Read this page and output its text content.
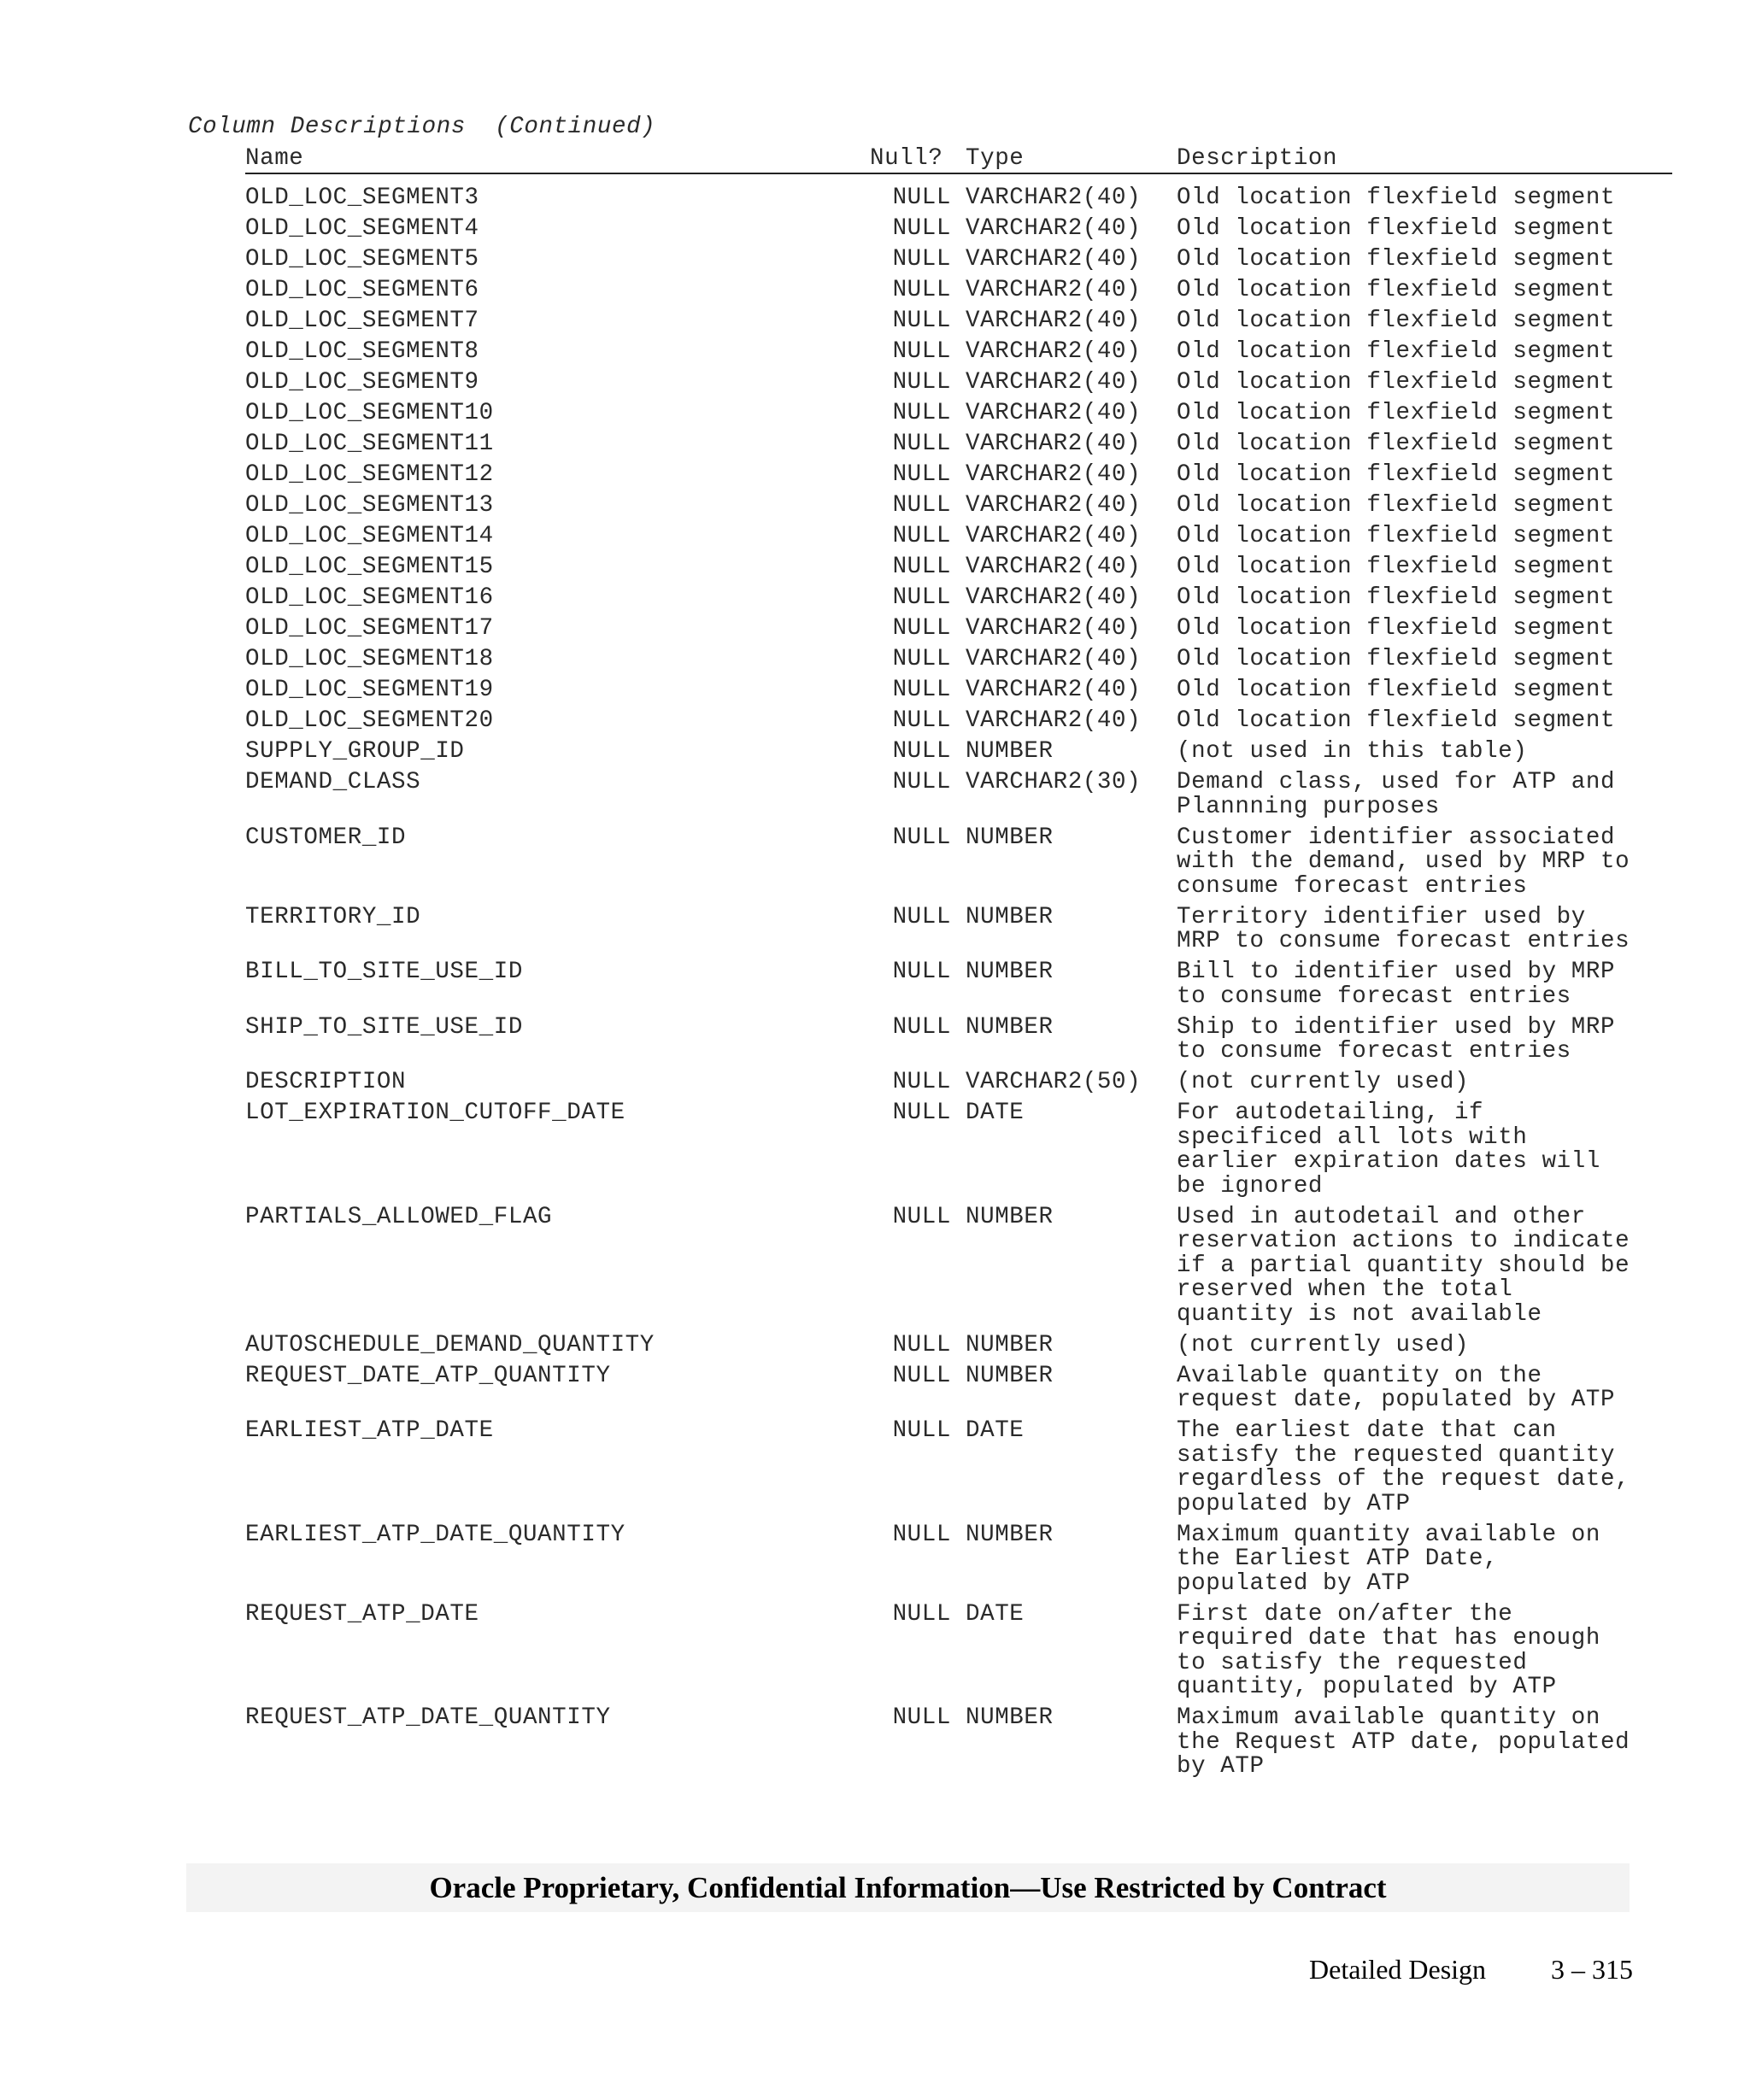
Column Descriptions  (Continued)
Name	Null? Type	Description
OLD_LOC_SEGMENT3	NULL VARCHAR2(40)	Old location flexfield segment
OLD_LOC_SEGMENT4	NULL VARCHAR2(40)	Old location flexfield segment
OLD_LOC_SEGMENT5	NULL VARCHAR2(40)	Old location flexfield segment
OLD_LOC_SEGMENT6	NULL VARCHAR2(40)	Old location flexfield segment
OLD_LOC_SEGMENT7	NULL VARCHAR2(40)	Old location flexfield segment
OLD_LOC_SEGMENT8	NULL VARCHAR2(40)	Old location flexfield segment
OLD_LOC_SEGMENT9	NULL VARCHAR2(40)	Old location flexfield segment
OLD_LOC_SEGMENT10	NULL VARCHAR2(40)	Old location flexfield segment
OLD_LOC_SEGMENT11	NULL VARCHAR2(40)	Old location flexfield segment
OLD_LOC_SEGMENT12	NULL VARCHAR2(40)	Old location flexfield segment
OLD_LOC_SEGMENT13	NULL VARCHAR2(40)	Old location flexfield segment
OLD_LOC_SEGMENT14	NULL VARCHAR2(40)	Old location flexfield segment
OLD_LOC_SEGMENT15	NULL VARCHAR2(40)	Old location flexfield segment
OLD_LOC_SEGMENT16	NULL VARCHAR2(40)	Old location flexfield segment
OLD_LOC_SEGMENT17	NULL VARCHAR2(40)	Old location flexfield segment
OLD_LOC_SEGMENT18	NULL VARCHAR2(40)	Old location flexfield segment
OLD_LOC_SEGMENT19	NULL VARCHAR2(40)	Old location flexfield segment
OLD_LOC_SEGMENT20	NULL VARCHAR2(40)	Old location flexfield segment
SUPPLY_GROUP_ID	NULL NUMBER	(not used in this table)
DEMAND_CLASS	NULL VARCHAR2(30)	Demand class, used for ATP and
Plannning purposes
CUSTOMER_ID	NULL NUMBER	Customer identifier associated
with the demand, used by MRP to
consume forecast entries
TERRITORY_ID	NULL NUMBER	Territory identifier used by
MRP to consume forecast entries
BILL_TO_SITE_USE_ID	NULL NUMBER	Bill to identifier used by MRP
to consume forecast entries
SHIP_TO_SITE_USE_ID	NULL NUMBER	Ship to identifier used by MRP
to consume forecast entries
DESCRIPTION	NULL VARCHAR2(50)	(not currently used)
LOT_EXPIRATION_CUTOFF_DATE	NULL DATE	For autodetailing, if
specificed all lots with
earlier expiration dates will
be ignored
PARTIALS_ALLOWED_FLAG	NULL NUMBER	Used in autodetail and other
reservation actions to indicate
if a partial quantity should be
reserved when the total
quantity is not available
AUTOSCHEDULE_DEMAND_QUANTITY	NULL NUMBER	(not currently used)
REQUEST_DATE_ATP_QUANTITY	NULL NUMBER	Available quantity on the
request date, populated by ATP
EARLIEST_ATP_DATE	NULL DATE	The earliest date that can
satisfy the requested quantity
regardless of the request date,
populated by ATP
EARLIEST_ATP_DATE_QUANTITY	NULL NUMBER	Maximum quantity available on
the Earliest ATP Date,
populated by ATP
REQUEST_ATP_DATE	NULL DATE	First date on/after the
required date that has enough
to satisfy the requested
quantity, populated by ATP
REQUEST_ATP_DATE_QUANTITY	NULL NUMBER	Maximum available quantity on
the Request ATP date, populated
by ATP
Oracle Proprietary, Confidential Information––Use Restricted by Contract
Detailed Design 3 – 315
